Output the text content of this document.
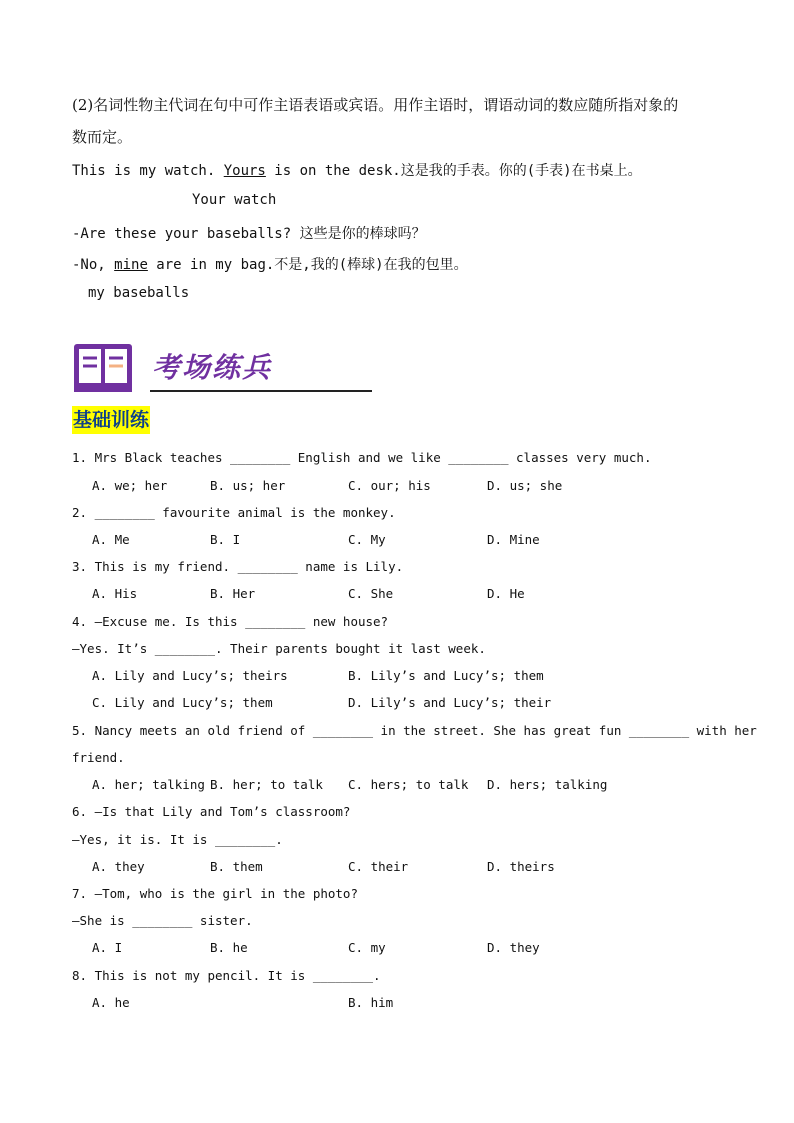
(2)名词性物主代词在句中可作主语表语或宾语。用作主语时，谓语动词的数应随所指对象的
数而定。
This is my watch. Yours is on the desk.这是我的手表。你的(手表)在书桌上。
Your watch
-Are these your baseballs? 这些是你的棒球吗？
-No, mine are in my bag.不是,我的(棒球)在我的包里。
my baseballs
考场练兵
基础训练
1. Mrs Black teaches ________ English and we like ________ classes very much.
A. we; her	B. us; her	C. our; his	D. us; she
2. ________ favourite animal is the monkey.
A. Me	B. I	C. My	D. Mine
3. This is my friend. ________ name is Lily.
A. His	B. Her	C. She	D. He
4. —Excuse me. Is this ________ new house?
—Yes. It’s ________. Their parents bought it last week.
A. Lily and Lucy’s; theirs	B. Lily’s and Lucy’s; them
C. Lily and Lucy’s; them	D. Lily’s and Lucy’s; their
5. Nancy meets an old friend of ________ in the street. She has great fun ________ with her
friend.
A. her; talking B. her; to talk C. hers; to talk D. hers; talking
6. —Is that Lily and Tom’s classroom?
—Yes, it is. It is ________.
A. they	B. them	C. their	D. theirs
7. —Tom, who is the girl in the photo?
—She is ________ sister.
A. I	B. he	C. my	D. they
8. This is not my pencil. It is ________.
A. he	B. him
